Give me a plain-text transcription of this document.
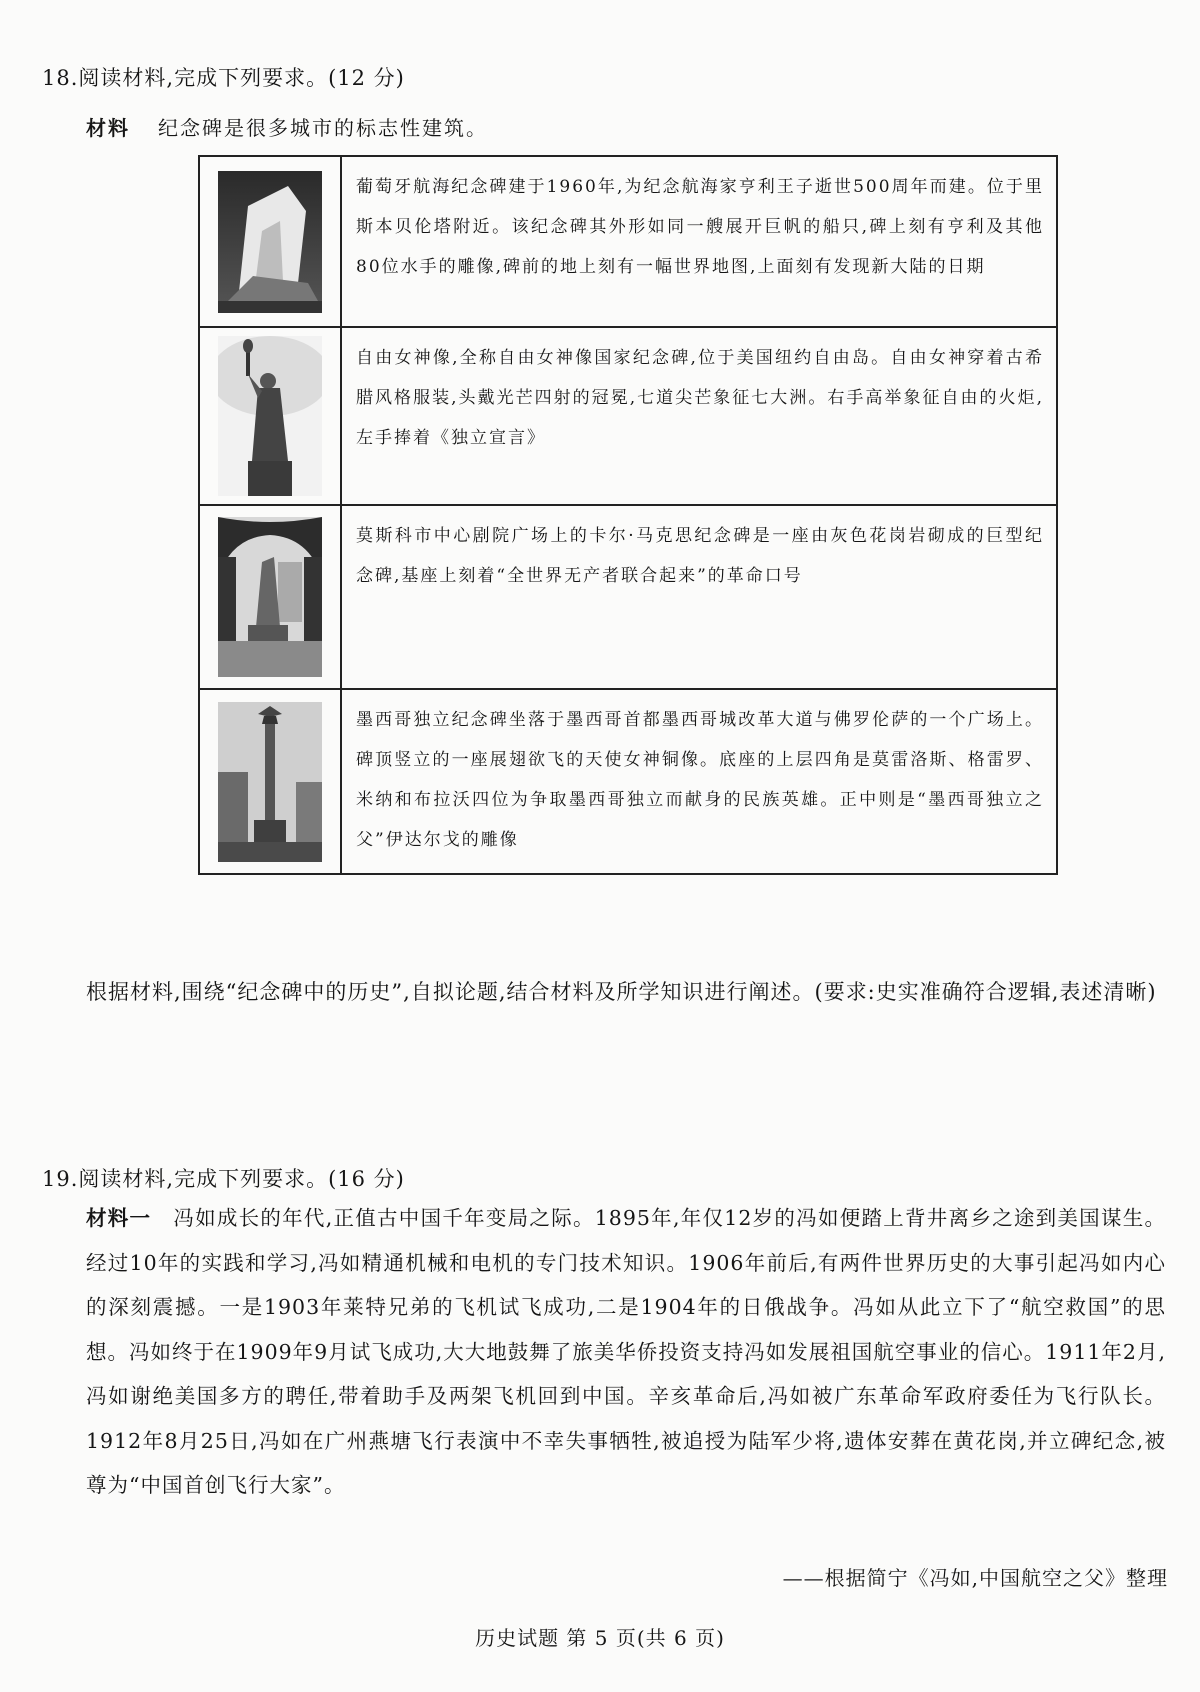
18.阅读材料,完成下列要求。(12 分)
材料 纪念碑是很多城市的标志性建筑。
葡萄牙航海纪念碑建于1960年,为纪念航海家亨利王子逝世500周年而建。位于里斯本贝伦塔附近。该纪念碑其外形如同一艘展开巨帆的船只,碑上刻有亨利及其他80位水手的雕像,碑前的地上刻有一幅世界地图,上面刻有发现新大陆的日期
自由女神像,全称自由女神像国家纪念碑,位于美国纽约自由岛。自由女神穿着古希腊风格服装,头戴光芒四射的冠冕,七道尖芒象征七大洲。右手高举象征自由的火炬,左手捧着《独立宣言》
莫斯科市中心剧院广场上的卡尔·马克思纪念碑是一座由灰色花岗岩砌成的巨型纪念碑,基座上刻着“全世界无产者联合起来”的革命口号
墨西哥独立纪念碑坐落于墨西哥首都墨西哥城改革大道与佛罗伦萨的一个广场上。碑顶竖立的一座展翅欲飞的天使女神铜像。底座的上层四角是莫雷洛斯、格雷罗、米纳和布拉沃四位为争取墨西哥独立而献身的民族英雄。正中则是“墨西哥独立之父”伊达尔戈的雕像
根据材料,围绕“纪念碑中的历史”,自拟论题,结合材料及所学知识进行阐述。(要求:史实准确符合逻辑,表述清晰)
19.阅读材料,完成下列要求。(16 分)
材料一 冯如成长的年代,正值古中国千年变局之际。1895年,年仅12岁的冯如便踏上背井离乡之途到美国谋生。经过10年的实践和学习,冯如精通机械和电机的专门技术知识。1906年前后,有两件世界历史的大事引起冯如内心的深刻震撼。一是1903年莱特兄弟的飞机试飞成功,二是1904年的日俄战争。冯如从此立下了“航空救国”的思想。冯如终于在1909年9月试飞成功,大大地鼓舞了旅美华侨投资支持冯如发展祖国航空事业的信心。1911年2月,冯如谢绝美国多方的聘任,带着助手及两架飞机回到中国。辛亥革命后,冯如被广东革命军政府委任为飞行队长。1912年8月25日,冯如在广州燕塘飞行表演中不幸失事牺牲,被追授为陆军少将,遗体安葬在黄花岗,并立碑纪念,被尊为“中国首创飞行大家”。
——根据简宁《冯如,中国航空之父》整理
历史试题 第 5 页(共 6 页)
